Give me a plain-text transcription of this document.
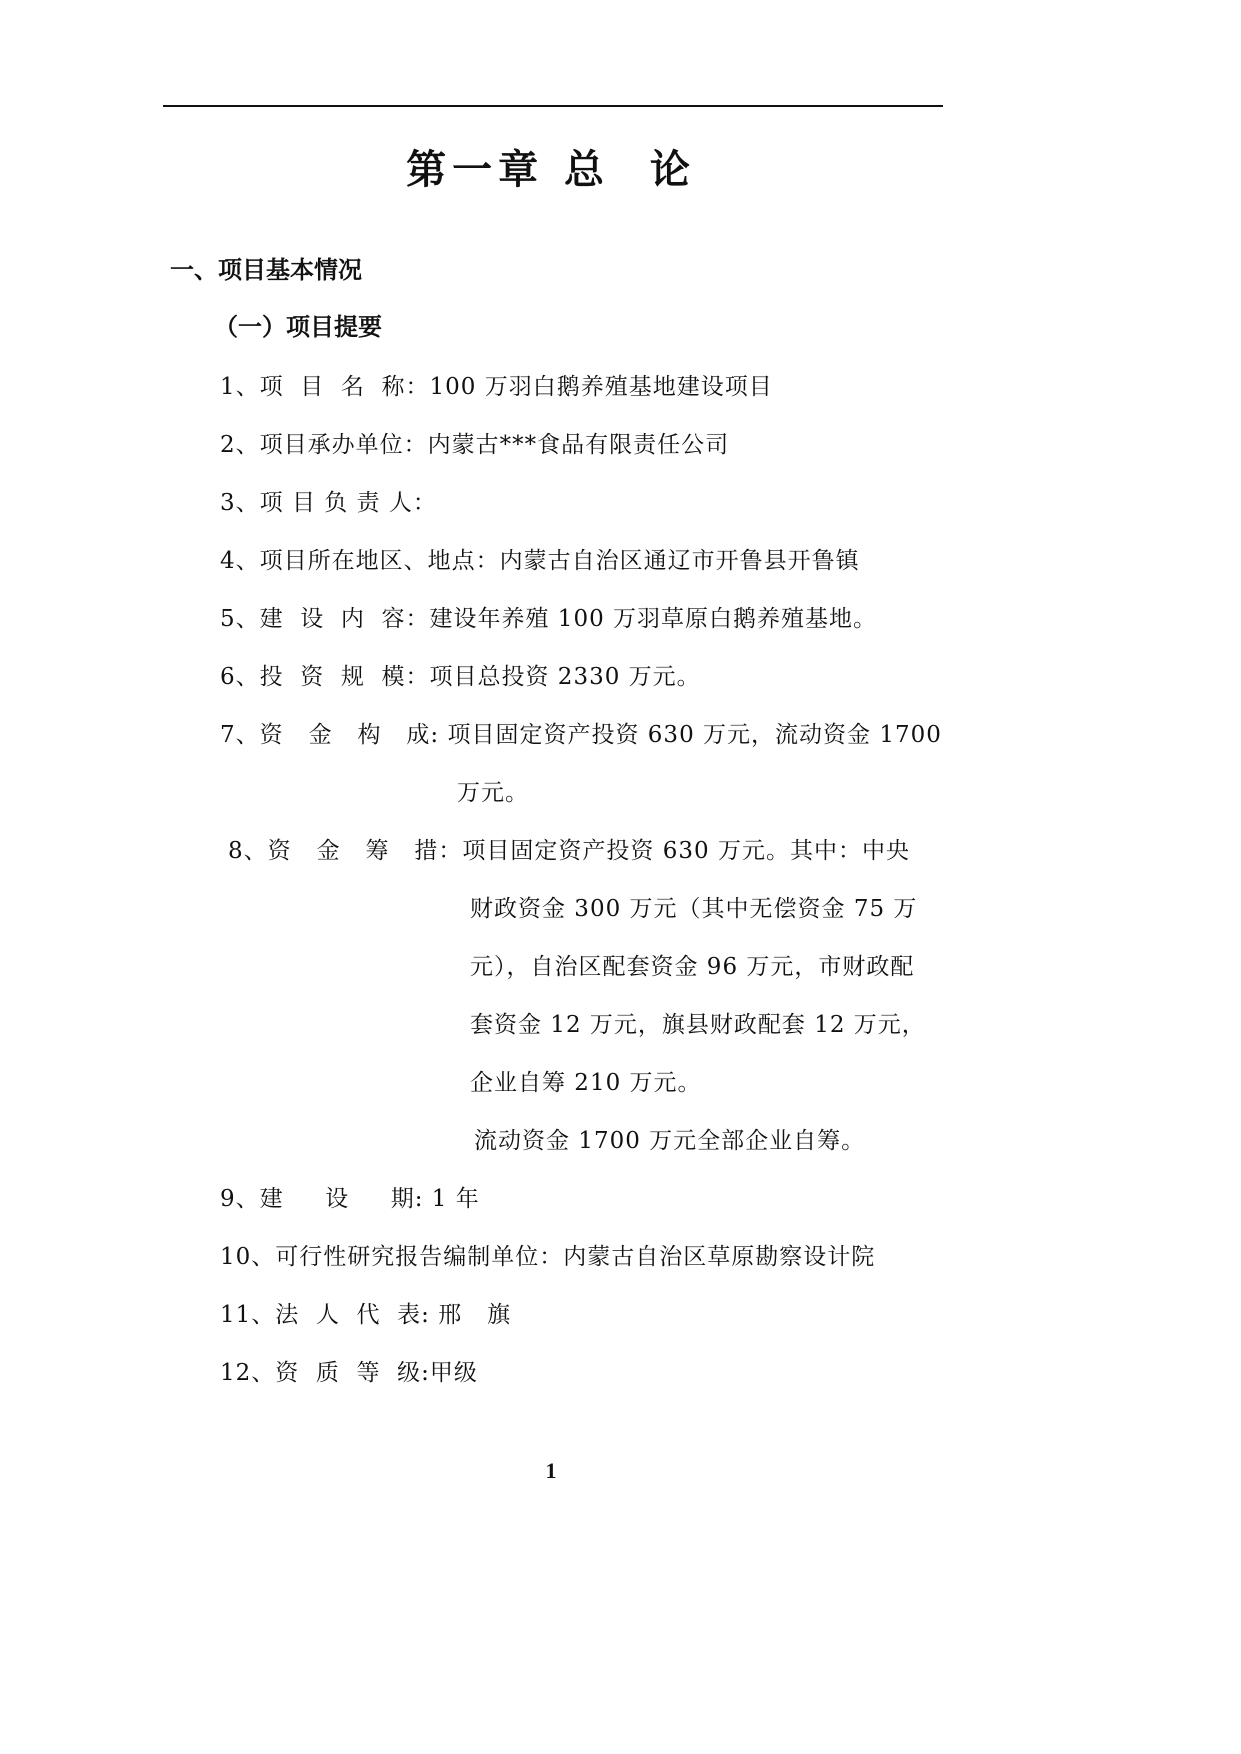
第一章 总  论
一、项目基本情况
（一）项目提要
1、项  目  名  称：100 万羽白鹅养殖基地建设项目
2、项目承办单位：内蒙古***食品有限责任公司
3、项 目 负 责 人：
4、项目所在地区、地点：内蒙古自治区通辽市开鲁县开鲁镇
5、建  设  内  容：建设年养殖 100 万羽草原白鹅养殖基地。
6、投  资  规  模：项目总投资 2330 万元。
7、资   金   构   成: 项目固定资产投资 630 万元，流动资金 1700
万元。
8、资   金   筹   措：项目固定资产投资 630 万元。其中：中央
财政资金 300 万元（其中无偿资金 75 万
元），自治区配套资金 96 万元，市财政配
套资金 12 万元，旗县财政配套 12 万元，
企业自筹 210 万元。
流动资金 1700 万元全部企业自筹。
9、建     设     期: 1 年
10、可行性研究报告编制单位：内蒙古自治区草原勘察设计院
11、法  人  代  表: 邢   旗
12、资  质  等  级:甲级
1
